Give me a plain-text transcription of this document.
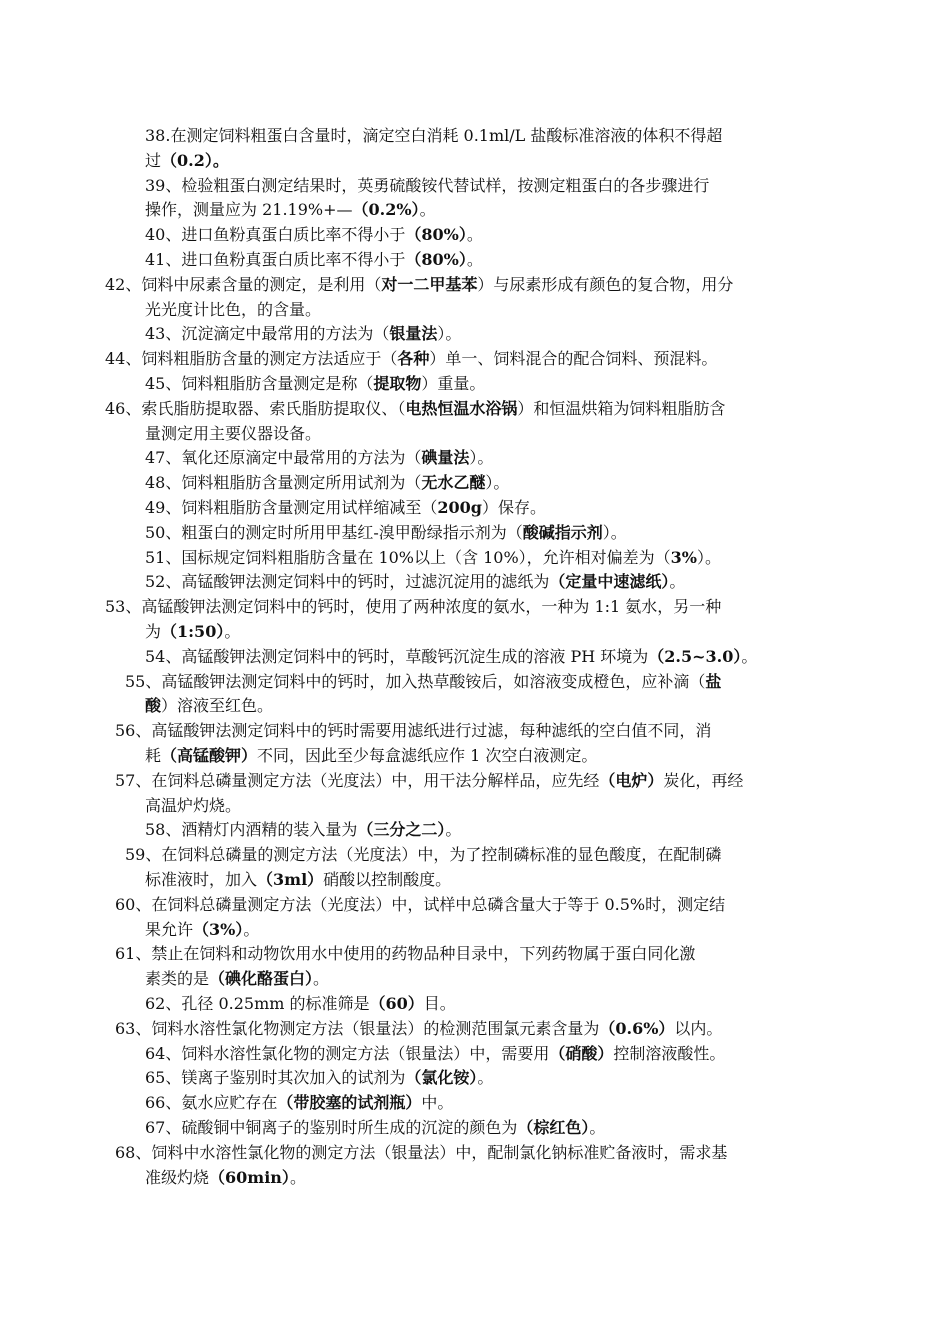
38.在测定饲料粗蛋白含量时，滴定空白消耗 0.1ml/L 盐酸标准溶液的体积不得超
过（0.2）。
39、检验粗蛋白测定结果时，英勇硫酸铵代替试样，按测定粗蛋白的各步骤进行
操作，测量应为 21.19%+—（0.2%）。
40、进口鱼粉真蛋白质比率不得小于（80%）。
41、进口鱼粉真蛋白质比率不得小于（80%）。
42、饲料中尿素含量的测定，是利用（对一二甲基苯）与尿素形成有颜色的复合物，用分
光光度计比色，的含量。
43、沉淀滴定中最常用的方法为（银量法）。
44、饲料粗脂肪含量的测定方法适应于（各种）单一、饲料混合的配合饲料、预混料。
45、饲料粗脂肪含量测定是称（提取物）重量。
46、索氏脂肪提取器、索氏脂肪提取仪、（电热恒温水浴锅）和恒温烘箱为饲料粗脂肪含
量测定用主要仪器设备。
47、氧化还原滴定中最常用的方法为（碘量法）。
48、饲料粗脂肪含量测定所用试剂为（无水乙醚）。
49、饲料粗脂肪含量测定用试样缩减至（200g）保存。
50、粗蛋白的测定时所用甲基红-溴甲酚绿指示剂为（酸碱指示剂）。
51、国标规定饲料粗脂肪含量在 10%以上（含 10%），允许相对偏差为（3%）。
52、高锰酸钾法测定饲料中的钙时，过滤沉淀用的滤纸为（定量中速滤纸）。
53、高锰酸钾法测定饲料中的钙时，使用了两种浓度的氨水，一种为 1:1 氨水，另一种
为（1:50）。
54、高锰酸钾法测定饲料中的钙时，草酸钙沉淀生成的溶液 PH 环境为（2.5~3.0）。
55、高锰酸钾法测定饲料中的钙时，加入热草酸铵后，如溶液变成橙色，应补滴（盐
酸）溶液至红色。
56、高锰酸钾法测定饲料中的钙时需要用滤纸进行过滤，每种滤纸的空白值不同，消
耗（高锰酸钾）不同，因此至少每盒滤纸应作 1 次空白液测定。
57、在饲料总磷量测定方法（光度法）中，用干法分解样品，应先经（电炉）炭化，再经
高温炉灼烧。
58、酒精灯内酒精的装入量为（三分之二）。
59、在饲料总磷量的测定方法（光度法）中，为了控制磷标准的显色酸度，在配制磷
标准液时，加入（3ml）硝酸以控制酸度。
60、在饲料总磷量测定方法（光度法）中，试样中总磷含量大于等于 0.5%时，测定结
果允许（3%）。
61、禁止在饲料和动物饮用水中使用的药物品种目录中，下列药物属于蛋白同化激
素类的是（碘化酪蛋白）。
62、孔径 0.25mm 的标准筛是（60）目。
63、饲料水溶性氯化物测定方法（银量法）的检测范围氯元素含量为（0.6%）以内。
64、饲料水溶性氯化物的测定方法（银量法）中，需要用（硝酸）控制溶液酸性。
65、镁离子鉴别时其次加入的试剂为（氯化铵）。
66、氨水应贮存在（带胶塞的试剂瓶）中。
67、硫酸铜中铜离子的鉴别时所生成的沉淀的颜色为（棕红色）。
68、饲料中水溶性氯化物的测定方法（银量法）中，配制氯化钠标准贮备液时，需求基
准级灼烧（60min）。
